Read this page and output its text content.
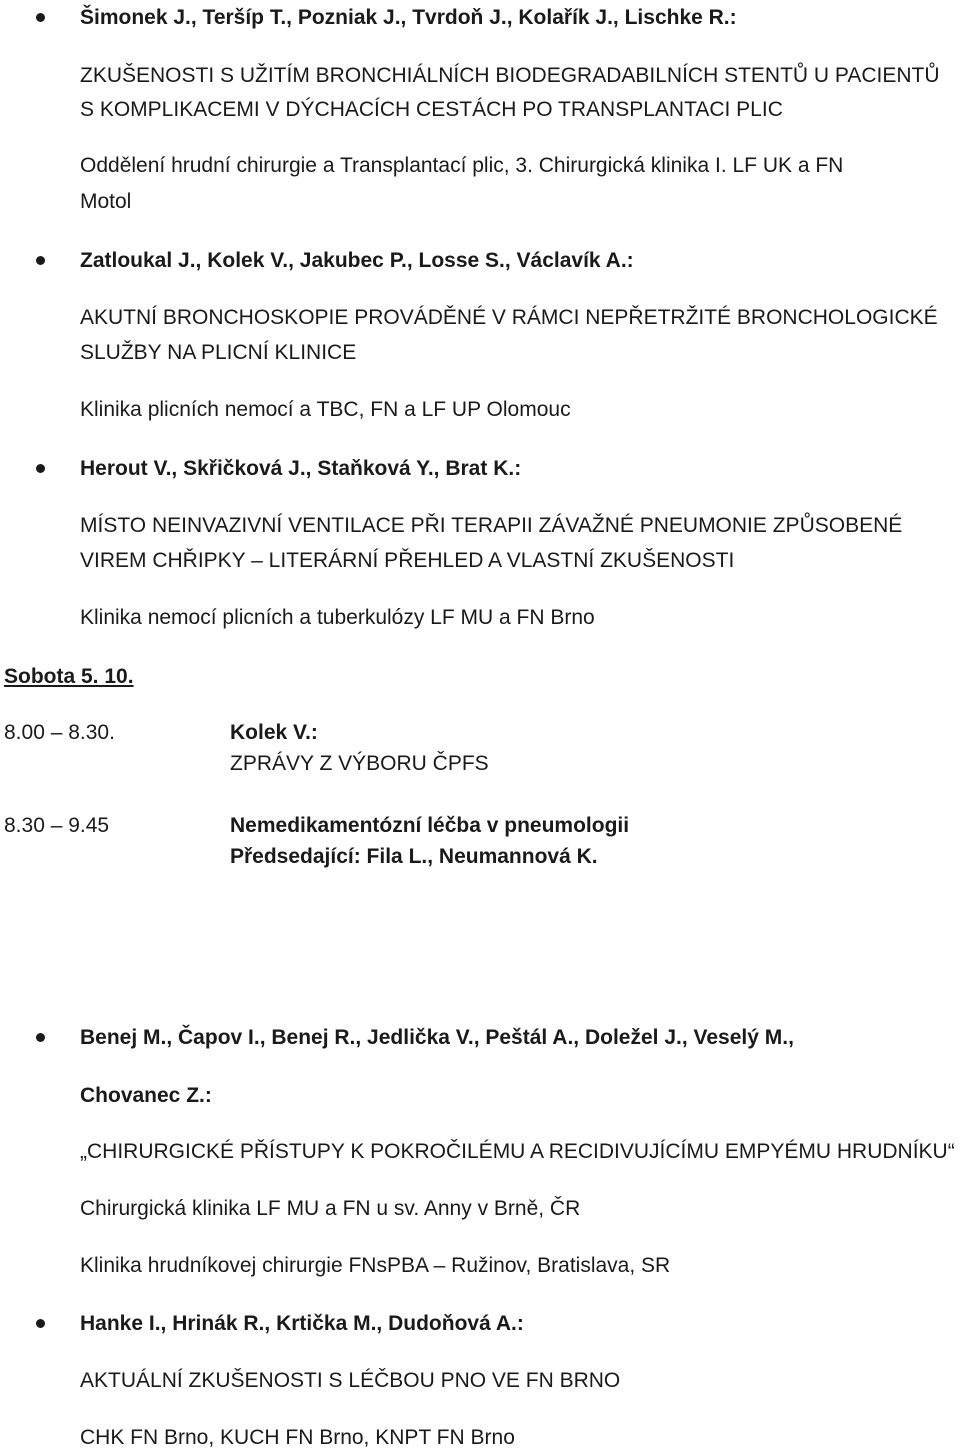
Šimonek J., Teršíp T., Pozniak J., Tvrdoň J., Kolařík J., Lischke R.:
ZKUŠENOSTI S UŽITÍM BRONCHIÁLNÍCH BIODEGRADABILNÍCH STENTŮ U PACIENTŮ
S KOMPLIKACEMI V DÝCHACÍCH CESTÁCH PO TRANSPLANTACI PLIC
Oddělení hrudní chirurgie a Transplantací plic, 3. Chirurgická klinika I. LF UK a FN
Motol
Zatloukal J., Kolek V., Jakubec P., Losse S., Václavík A.:
AKUTNÍ BRONCHOSKOPIE PROVÁDĚNÉ V RÁMCI NEPŘETRŽITÉ BRONCHOLOGICKÉ
SLUŽBY NA PLICNÍ KLINICE
Klinika plicních nemocí a TBC, FN a LF UP Olomouc
Herout V., Skřičková J., Staňková Y., Brat K.:
MÍSTO NEINVAZIVNÍ VENTILACE PŘI TERAPII ZÁVAŽNÉ PNEUMONIE ZPŮSOBENÉ
VIREM CHŘIPKY – LITERÁRNÍ PŘEHLED A VLASTNÍ ZKUŠENOSTI
Klinika nemocí plicních a tuberkulózy LF MU a FN Brno
Sobota 5. 10.
8.00 – 8.30.	Kolek V.:
ZPRÁVY Z VÝBORU ČPFS
8.30 – 9.45	Nemedikamentózní léčba v pneumologii
Předsedající: Fila L., Neumannová K.
Benej M., Čapov I., Benej R., Jedlička V., Peštál A., Doležel J., Veselý M.,
Chovanec Z.:
„CHIRURGICKÉ PŘÍSTUPY K POKROČILÉMU A RECIDIVUJÍCÍMU EMPYÉMU HRUDNÍKU“
Chirurgická klinika LF MU a FN u sv. Anny v Brně, ČR
Klinika hrudníkovej chirurgie FNsPBA – Ružinov, Bratislava, SR
Hanke I., Hrinák R., Krtička M., Dudoňová A.:
AKTUÁLNÍ ZKUŠENOSTI S LÉČBOU PNO VE FN BRNO
CHK FN Brno, KUCH FN Brno, KNPT FN Brno
